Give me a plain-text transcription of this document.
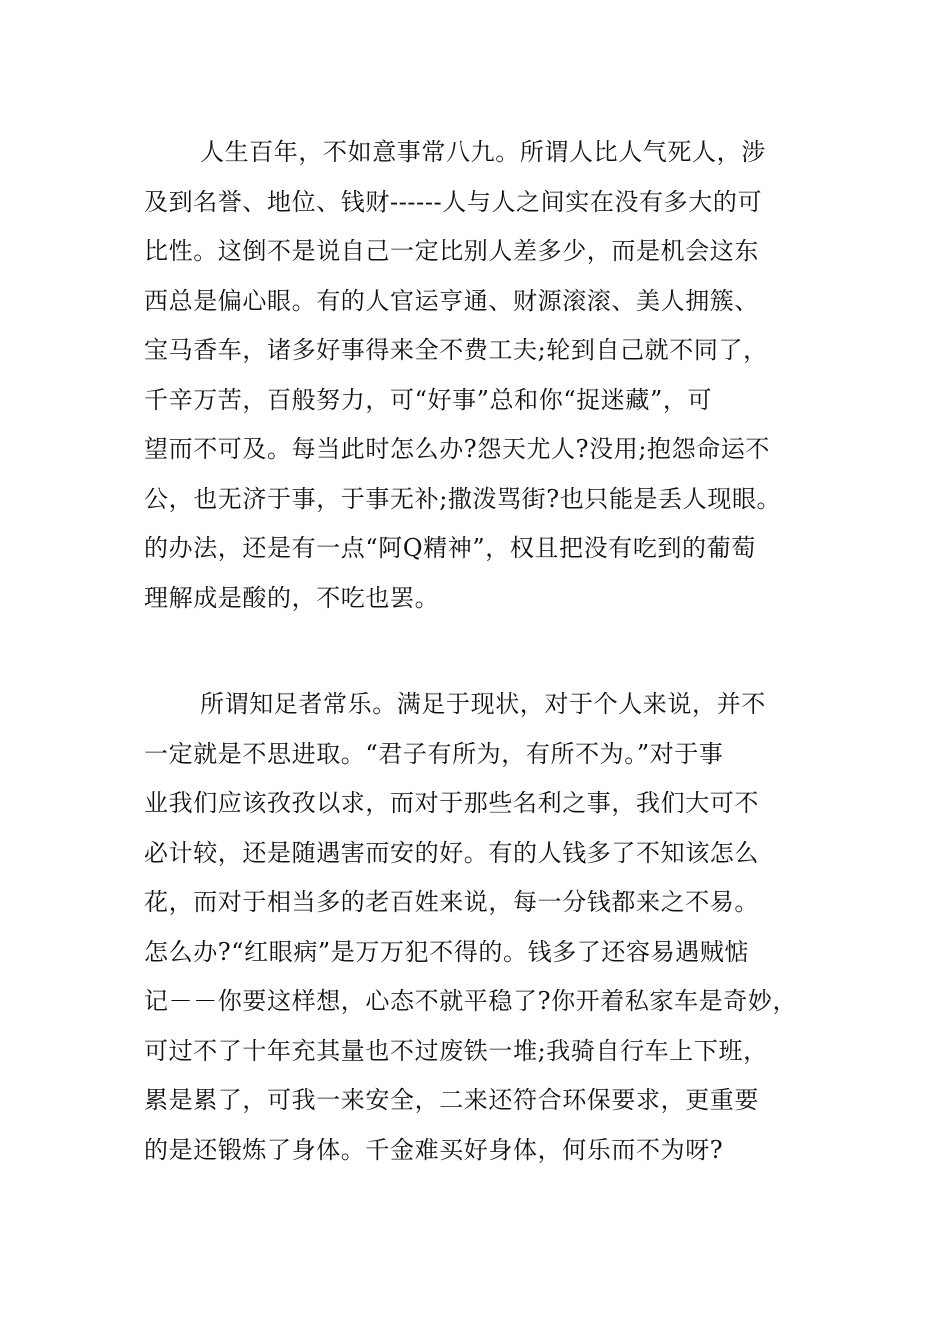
人生百年，不如意事常八九。所谓人比人气死人，涉
及到名誉、地位、钱财------人与人之间实在没有多大的可
比性。这倒不是说自己一定比别人差多少，而是机会这东
西总是偏心眼。有的人官运亨通、财源滚滚、美人拥簇、
宝马香车，诸多好事得来全不费工夫;轮到自己就不同了，
千辛万苦，百般努力，可“好事”总和你“捉迷藏”，可
望而不可及。每当此时怎么办?怨天尤人?没用;抱怨命运不
公，也无济于事，于事无补;撒泼骂街?也只能是丢人现眼。
的办法，还是有一点“阿Q精神”，权且把没有吃到的葡萄
理解成是酸的，不吃也罢。
所谓知足者常乐。满足于现状，对于个人来说，并不
一定就是不思进取。“君子有所为，有所不为。”对于事
业我们应该孜孜以求，而对于那些名利之事，我们大可不
必计较，还是随遇害而安的好。有的人钱多了不知该怎么
花，而对于相当多的老百姓来说，每一分钱都来之不易。
怎么办?“红眼病”是万万犯不得的。钱多了还容易遇贼惦
记－－你要这样想，心态不就平稳了?你开着私家车是奇妙，
可过不了十年充其量也不过废铁一堆;我骑自行车上下班，
累是累了，可我一来安全，二来还符合环保要求，更重要
的是还锻炼了身体。千金难买好身体，何乐而不为呀?
